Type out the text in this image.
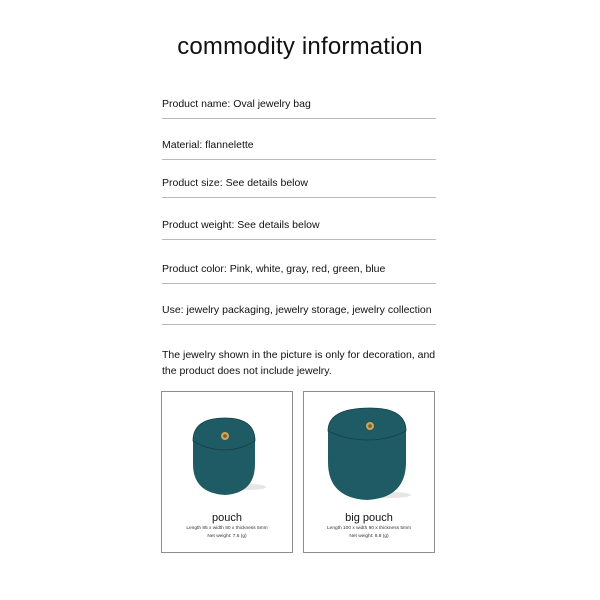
commodity information
Product name: Oval jewelry bag
Material: flannelette
Product size: See details below
Product weight: See details below
Product color: Pink, white, gray, red, green, blue
Use: jewelry packaging, jewelry storage, jewelry collection
The jewelry shown in the picture is only for decoration, and the product does not include jewelry.
pouch
Length 85 x width 80 x thickness 5mm
Net weight: 7.5 (g)
big pouch
Length 100 x width 90 x thickness 5mm
Net weight: 8.8 (g)
